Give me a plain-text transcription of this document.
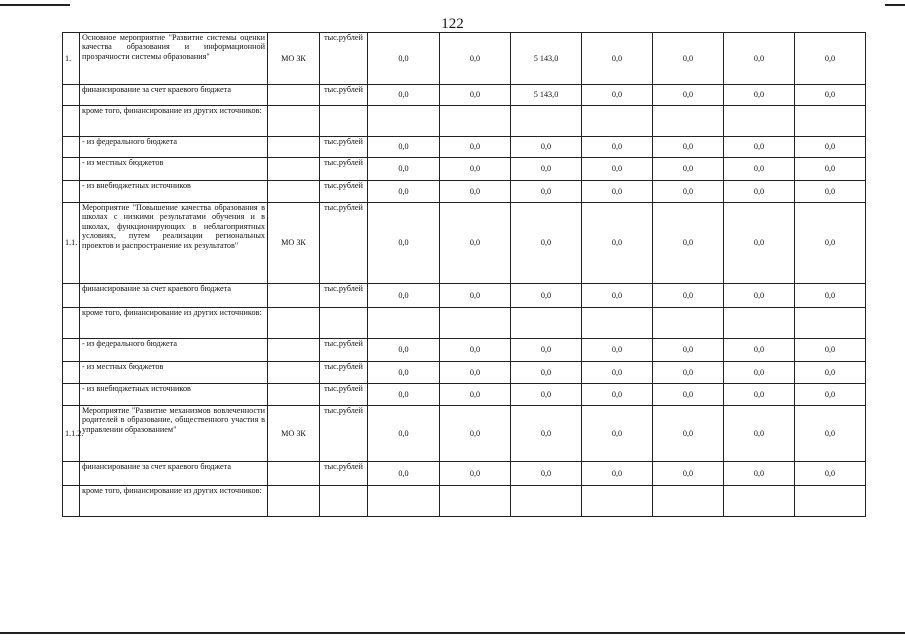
122
1.	Основное мероприятие "Развитие системы оценки качества образования и информационной прозрачности системы образования"	МО ЗК	тыс.рублей	0,0	0,0	5 143,0	0,0	0,0	0,0	0,0
	финансирование за счет краевого бюджета		тыс.рублей	0,0	0,0	5 143,0	0,0	0,0	0,0	0,0
	кроме того, финансирование из других источников:									
	- из федерального бюджета		тыс.рублей	0,0	0,0	0,0	0,0	0,0	0,0	0,0
	- из местных бюджетов		тыс.рублей	0,0	0,0	0,0	0,0	0,0	0,0	0,0
	- из внебюджетных источников		тыс.рублей	0,0	0,0	0,0	0,0	0,0	0,0	0,0
1.1.	Мероприятие "Повышение качества образования в школах с низкими результатами обучения и в школах, функционирующих в неблагоприятных условиях, путем реализации региональных проектов и распространение их результатов"	МО ЗК	тыс.рублей	0,0	0,0	0,0	0,0	0,0	0,0	0,0
	финансирование за счет краевого бюджета		тыс.рублей	0,0	0,0	0,0	0,0	0,0	0,0	0,0
	кроме того, финансирование из других источников:									
	- из федерального бюджета		тыс.рублей	0,0	0,0	0,0	0,0	0,0	0,0	0,0
	- из местных бюджетов		тыс.рублей	0,0	0,0	0,0	0,0	0,0	0,0	0,0
	- из внебюджетных источников		тыс.рублей	0,0	0,0	0,0	0,0	0,0	0,0	0,0
1.1.2.	Мероприятие "Развитие механизмов вовлеченности родителей в образование, общественного участия в управлении образованием"	МО ЗК	тыс.рублей	0,0	0,0	0,0	0,0	0,0	0,0	0,0
	финансирование за счет краевого бюджета		тыс.рублей	0,0	0,0	0,0	0,0	0,0	0,0	0,0
	кроме того, финансирование из других источников:									
